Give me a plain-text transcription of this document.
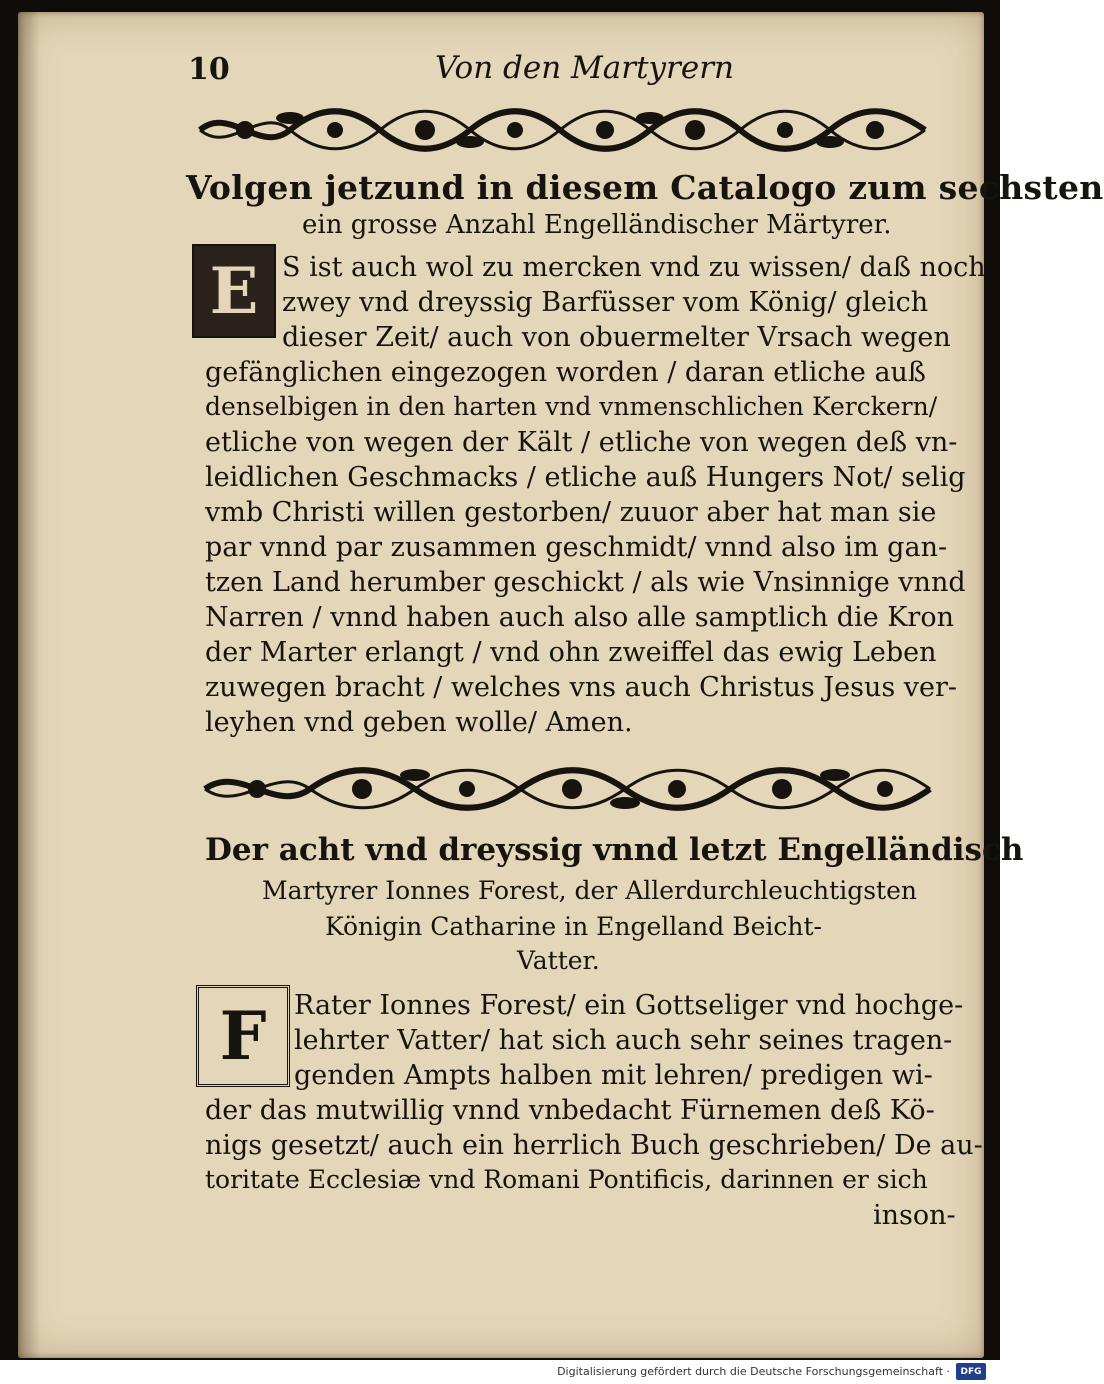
10	Von den Martyrern
Volgen jetzund in diesem Catalogo zum sechsten
ein grosse Anzahl Engelländischer Märtyrer.
E S ist auch wol zu mercken vnd zu wissen/ daß noch
zwey vnd dreyssig Barfüsser vom König/ gleich
dieser Zeit/ auch von obuermelter Vrsach wegen
gefänglichen eingezogen worden / daran etliche auß
denselbigen in den harten vnd vnmenschlichen Kerckern/
etliche von wegen der Kält / etliche von wegen deß vn-
leidlichen Geschmacks / etliche auß Hungers Not/ selig
vmb Christi willen gestorben/ zuuor aber hat man sie
par vnnd par zusammen geschmidt/ vnnd also im gan-
tzen Land herumber geschickt / als wie Vnsinnige vnnd
Narren / vnnd haben auch also alle samptlich die Kron
der Marter erlangt / vnd ohn zweiffel das ewig Leben
zuwegen bracht / welches vns auch Christus Jesus ver-
leyhen vnd geben wolle/ Amen.
Der acht vnd dreyssig vnnd letzt Engelländisch
Martyrer Ionnes Forest, der Allerdurchleuchtigsten
Königin Catharine in Engelland Beicht-
Vatter.
F	Rater Ionnes Forest/ ein Gottseliger vnd hochge-
lehrter Vatter/ hat sich auch sehr seines tragen-
genden Ampts halben mit lehren/ predigen wi-
der das mutwillig vnnd vnbedacht Fürnemen deß Kö-
nigs gesetzt/ auch ein herrlich Buch geschrieben/ De au-
toritate Ecclesiæ vnd Romani Pontificis, darinnen er sich
inson-
Digitalisierung gefördert durch die Deutsche Forschungsgemeinschaft ·	DFG
